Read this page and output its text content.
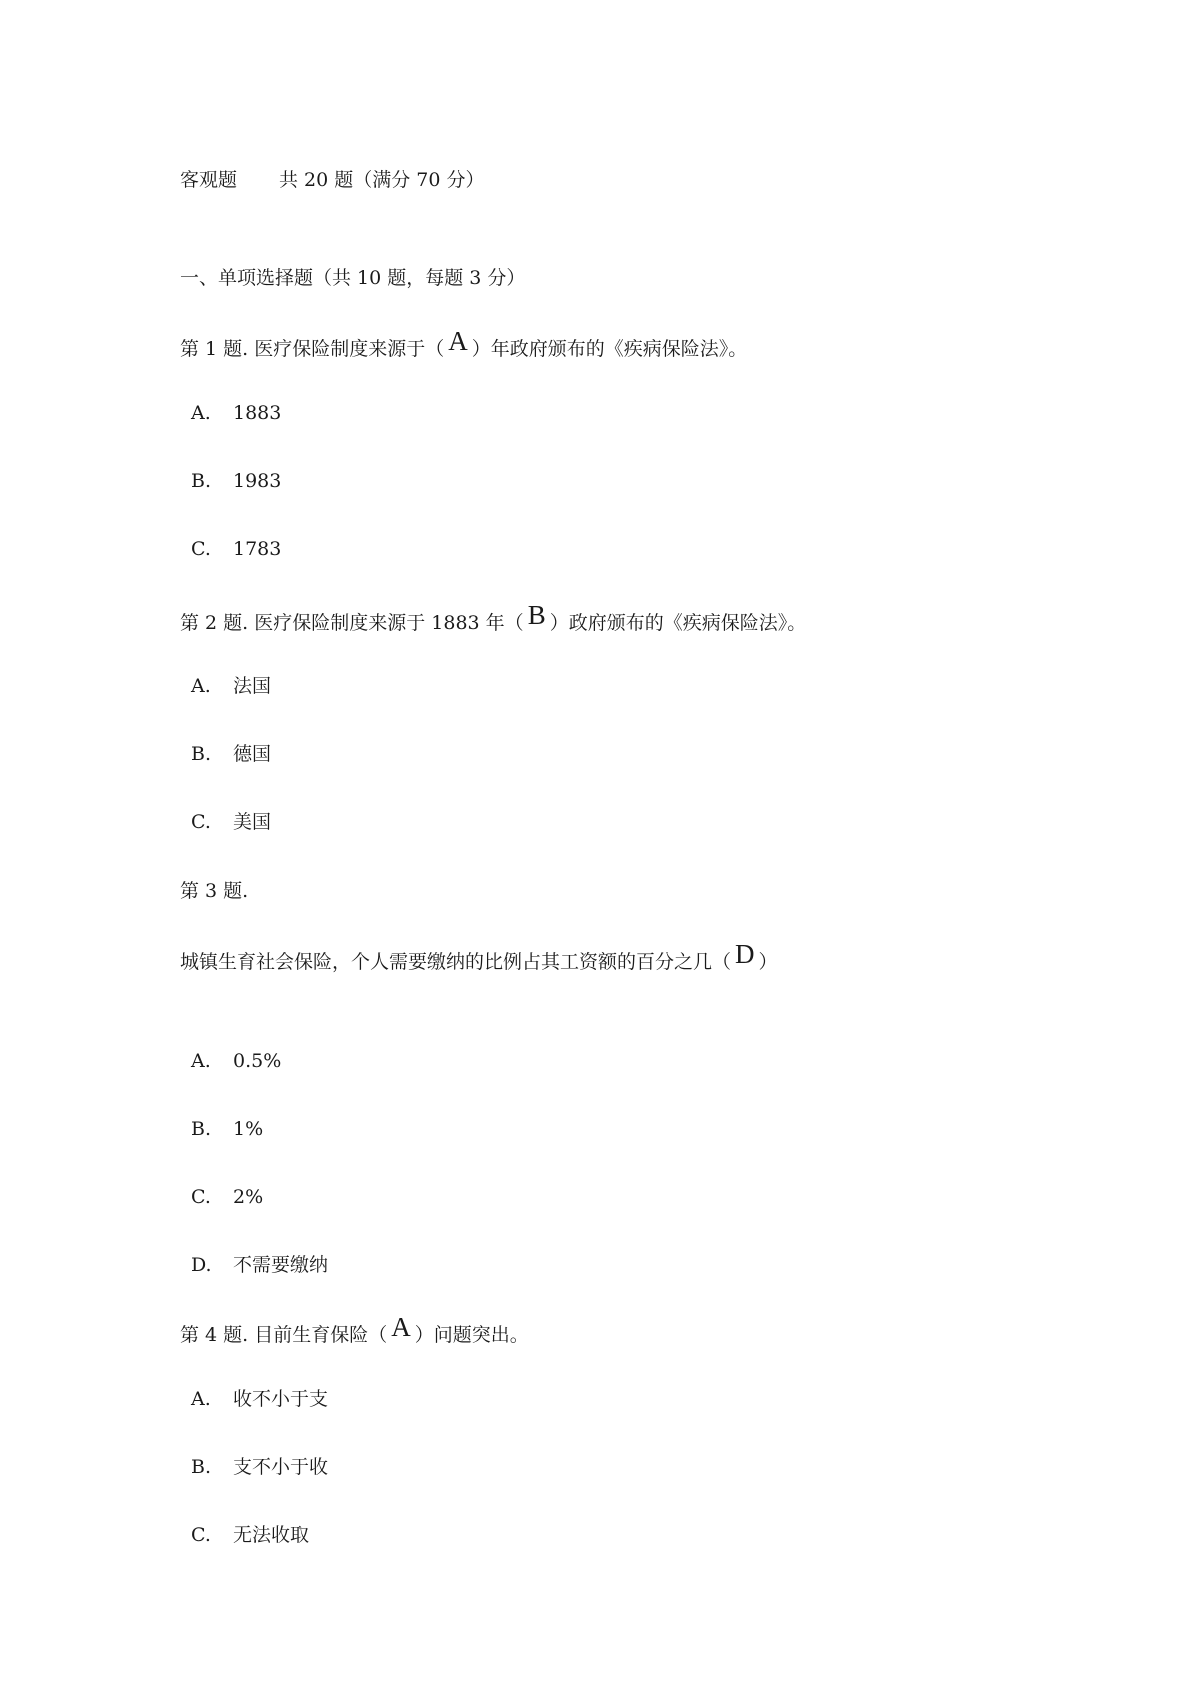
客观题 共 20 题（满分 70 分）
一、单项选择题（共 10 题，每题 3 分）
第 1 题. 医疗保险制度来源于（ A ）年政府颁布的《疾病保险法》。
A. 1883
B. 1983
C. 1783
第 2 题. 医疗保险制度来源于 1883 年（ B ）政府颁布的《疾病保险法》。
A. 法国
B. 德国
C. 美国
第 3 题.
城镇生育社会保险，个人需要缴纳的比例占其工资额的百分之几（ D ）
A. 0.5%
B. 1%
C. 2%
D. 不需要缴纳
第 4 题. 目前生育保险（ A ）问题突出。
A. 收不小于支
B. 支不小于收
C. 无法收取
